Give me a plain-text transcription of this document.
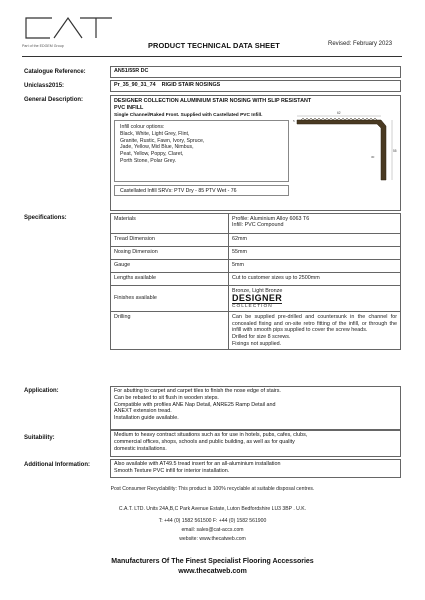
Part of the EDGEM Group	PRODUCT TECHNICAL DATA SHEET	Revised: February 2023
Catalogue Reference:	AN51/55R DC
Uniclass2015:	Pr_35_90_31_74    RIGID STAIR NOSINGS
General Description:	DESIGNER COLLECTION ALUMINIUM STAIR NOSING WITH SLIP RESISTANT PVC INFILL
Single Channel/Raked Front. Supplied with Castellated PVC Infill.

Infill colour options:

Black, White, Light Grey, Flint,

Granite, Rustic, Fawn, Ivory, Spruce,

Jade, Yellow, Mid Blue, Nimbus,

Peat, Yellow, Poppy, Claret,

Porth Stone, Polar Grey.

Castellated Infill SRVs: PTV Dry - 85 PTV Wet - 76
62
55
5
30
Specifications:	Materials	Profile: Aluminium Alloy 6063 T6
Infill: PVC Compound

Tread Dimension	62mm
Nosing Dimension	55mm
Gauge	5mm
Lengths available	Cut to customer sizes up to 2500mm
Finishes available	Bronze, Light Bronze
DESIGNER
COLLECTION

Drilling	Can be supplied pre-drilled and countersunk in the channel for concealed fixing and on-site retro fitting of the infill, or through the infill with smooth pips supplied to cover the screw heads.
Drilled for size 8 screws.
Fixings not supplied.
Application:	For abutting to carpet and carpet tiles to finish the nose edge of stairs.
Can be rebated to sit flush in wooden steps.
Compatible with profiles ANE Nap Detail, ANRE25 Ramp Detail and
ANEXT extension tread.
Installation guide available.
Suitability:	Medium to heavy contract situations such as for use in hotels, pubs, cafes, clubs,
commercial offices, shops, schools and public building, as well as for quality
domestic installations.
Additional Information:	Also available with AT49.5 tread insert for an all-aluminium installation
Smooth Texture PVC infill for interior installation.
Post Consumer Recyclability: This product is 100% recyclable at suitable disposal centres.
C.A.T. LTD. Units 24A,B,C Park Avenue Estate, Luton Bedfordshire LU3 3BP . U.K.
T: +44 (0) 1582 561500 F: +44 (0) 1582 561900
email: sales@cat-accs.com
website: www.thecatweb.com
Manufacturers Of The Finest Specialist Flooring Accessories
www.thecatweb.com
